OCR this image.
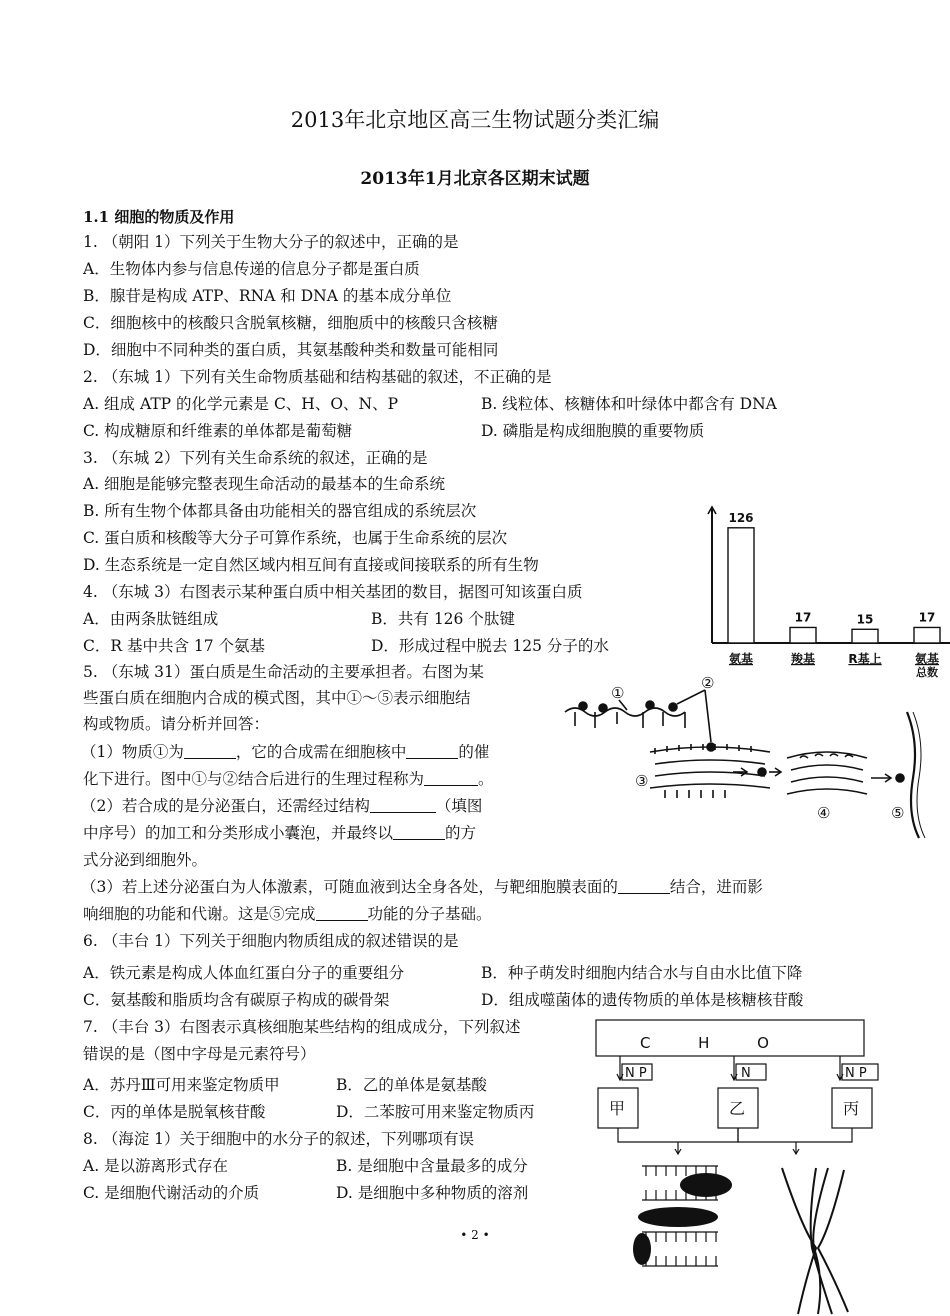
2013年北京地区高三生物试题分类汇编
2013年1月北京各区期末试题
1.1 细胞的物质及作用
1. （朝阳 1）下列关于生物大分子的叙述中，正确的是
A．生物体内参与信息传递的信息分子都是蛋白质
B．腺苷是构成 ATP、RNA 和 DNA 的基本成分单位
C．细胞核中的核酸只含脱氧核糖，细胞质中的核酸只含核糖
D．细胞中不同种类的蛋白质，其氨基酸种类和数量可能相同
2. （东城 1）下列有关生命物质基础和结构基础的叙述，不正确的是
A. 组成 ATP 的化学元素是 C、H、O、N、P	B. 线粒体、核糖体和叶绿体中都含有 DNA
C. 构成糖原和纤维素的单体都是葡萄糖	D. 磷脂是构成细胞膜的重要物质
3. （东城 2）下列有关生命系统的叙述，正确的是
A. 细胞是能够完整表现生命活动的最基本的生命系统
B. 所有生物个体都具备由功能相关的器官组成的系统层次
C. 蛋白质和核酸等大分子可算作系统，也属于生命系统的层次
D. 生态系统是一定自然区域内相互间有直接或间接联系的所有生物
4. （东城 3）右图表示某种蛋白质中相关基团的数目，据图可知该蛋白质
A．由两条肽链组成	B．共有 126 个肽键
C．R 基中共含 17 个氨基	D．形成过程中脱去 125 分子的水
126
氨基
17
羧基
15
R基上
17
氨基
总数
5. （东城 31）蛋白质是生命活动的主要承担者。右图为某
些蛋白质在细胞内合成的模式图，其中①～⑤表示细胞结
构或物质。请分析并回答：
（1）物质①为	，它的合成需在细胞核中	的催
化下进行。图中①与②结合后进行的生理过程称为	。
（2）若合成的是分泌蛋白，还需经过结构	（填图
中序号）的加工和分类形成小囊泡，并最终以	的方
式分泌到细胞外。
（3）若上述分泌蛋白为人体激素，可随血液到达全身各处，与靶细胞膜表面的	结合，进而影
响细胞的功能和代谢。这是⑤完成	功能的分子基础。
①
②
③
④	⑤
6. （丰台 1）下列关于细胞内物质组成的叙述错误的是
A．铁元素是构成人体血红蛋白分子的重要组分	B．种子萌发时细胞内结合水与自由水比值下降
C．氨基酸和脂质均含有碳原子构成的碳骨架	D．组成噬菌体的遗传物质的单体是核糖核苷酸
7. （丰台 3）右图表示真核细胞某些结构的组成成分，下列叙述
错误的是（图中字母是元素符号）
A．苏丹Ⅲ可用来鉴定物质甲	B．乙的单体是氨基酸
C．丙的单体是脱氧核苷酸	D．二苯胺可用来鉴定物质丙
8. （海淀 1）关于细胞中的水分子的叙述，下列哪项有误
A. 是以游离形式存在	B. 是细胞中含量最多的成分
C. 是细胞代谢活动的介质	D. 是细胞中多种物质的溶剂
C          H          O
N P	N	N P
甲	乙	丙
• 2 •
